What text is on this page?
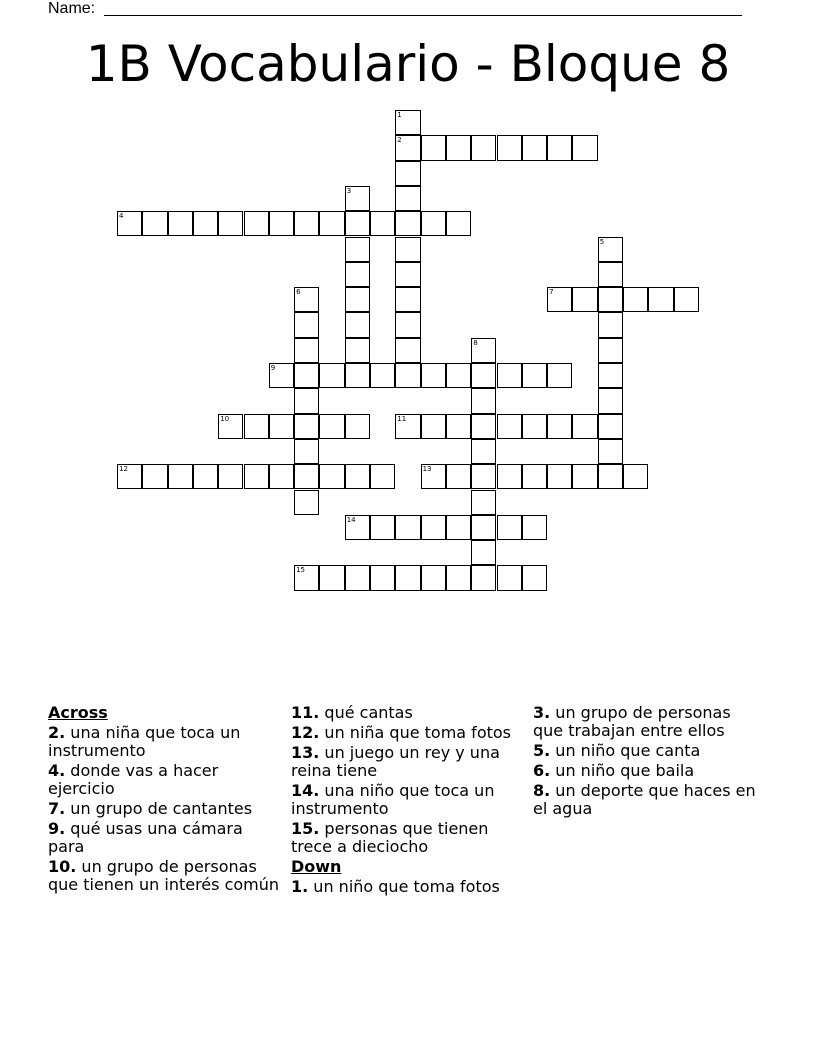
Name:
1B Vocabulario - Bloque 8
1
2
3
4
5
6	7
8
9
10	11
12	13
14
15
Across
2. una niña que toca un instrumento
4. donde vas a hacer ejercicio
7. un grupo de cantantes
9. qué usas una cámara para
10. un grupo de personas que tienen un interés común
11. qué cantas
12. un niña que toma fotos
13. un juego un rey y una reina tiene
14. una niño que toca un instrumento
15. personas que tienen trece a dieciocho
Down
1. un niño que toma fotos
3. un grupo de personas que trabajan entre ellos
5. un niño que canta
6. un niño que baila
8. un deporte que haces en el agua
